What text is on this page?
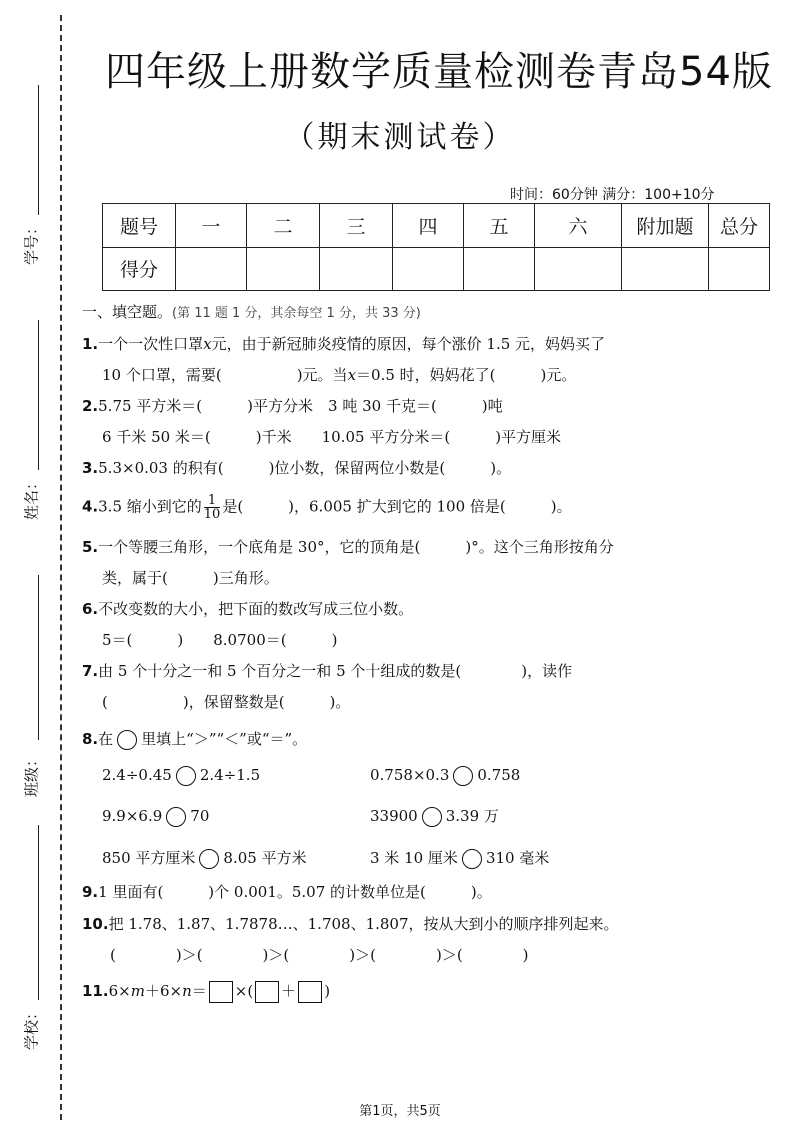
学号：
姓名：
班级：
学校：
四年级上册数学质量检测卷青岛54版
（期末测试卷）
时间：60分钟 满分：100+10分
题号	一	二	三	四	五	六	附加题	总分
得分								
一、填空题。(第 11 题 1 分，其余每空 1 分，共 33 分)
1.一个一次性口罩x元，由于新冠肺炎疫情的原因，每个涨价 1.5 元，妈妈买了
10 个口罩，需要(　　　　　)元。当x＝0.5 时，妈妈花了(　　　)元。
2.5.75 平方米＝(　　　)平方分米　3 吨 30 千克＝(　　　)吨
6 千米 50 米＝(　　　)千米　　10.05 平方分米＝(　　　)平方厘米
3.5.3×0.03 的积有(　　　)位小数，保留两位小数是(　　　)。
4.3.5 缩小到它的 $\frac{1}{10}$ 是(　　　)，6.005 扩大到它的 100 倍是(　　　)。
5.一个等腰三角形，一个底角是 30°，它的顶角是(　　　)°。这个三角形按角分
类，属于(　　　)三角形。
6.不改变数的大小，把下面的数改写成三位小数。
5＝(　　　)　　8.0700＝(　　　)
7.由 5 个十分之一和 5 个百分之一和 5 个十组成的数是(　　　　)，读作
(　　　　　)，保留整数是(　　　)。
8.在 里填上“＞”“＜”或“＝”。
2.4÷0.45 2.4÷1.5	0.758×0.3 0.758
9.9×6.9 70	33900 3.39 万
850 平方厘米 8.05 平方米	3 米 10 厘米 310 毫米
9.1 里面有(　　　)个 0.001。5.07 的计数单位是(　　　)。
10.把 1.78、1.87、1.7878…、1.708、1.807，按从大到小的顺序排列起来。
(　　　　)＞(　　　　)＞(　　　　)＞(　　　　)＞(　　　　)
11.6×m＋6×n＝ ×( ＋ )
第1页，共5页
